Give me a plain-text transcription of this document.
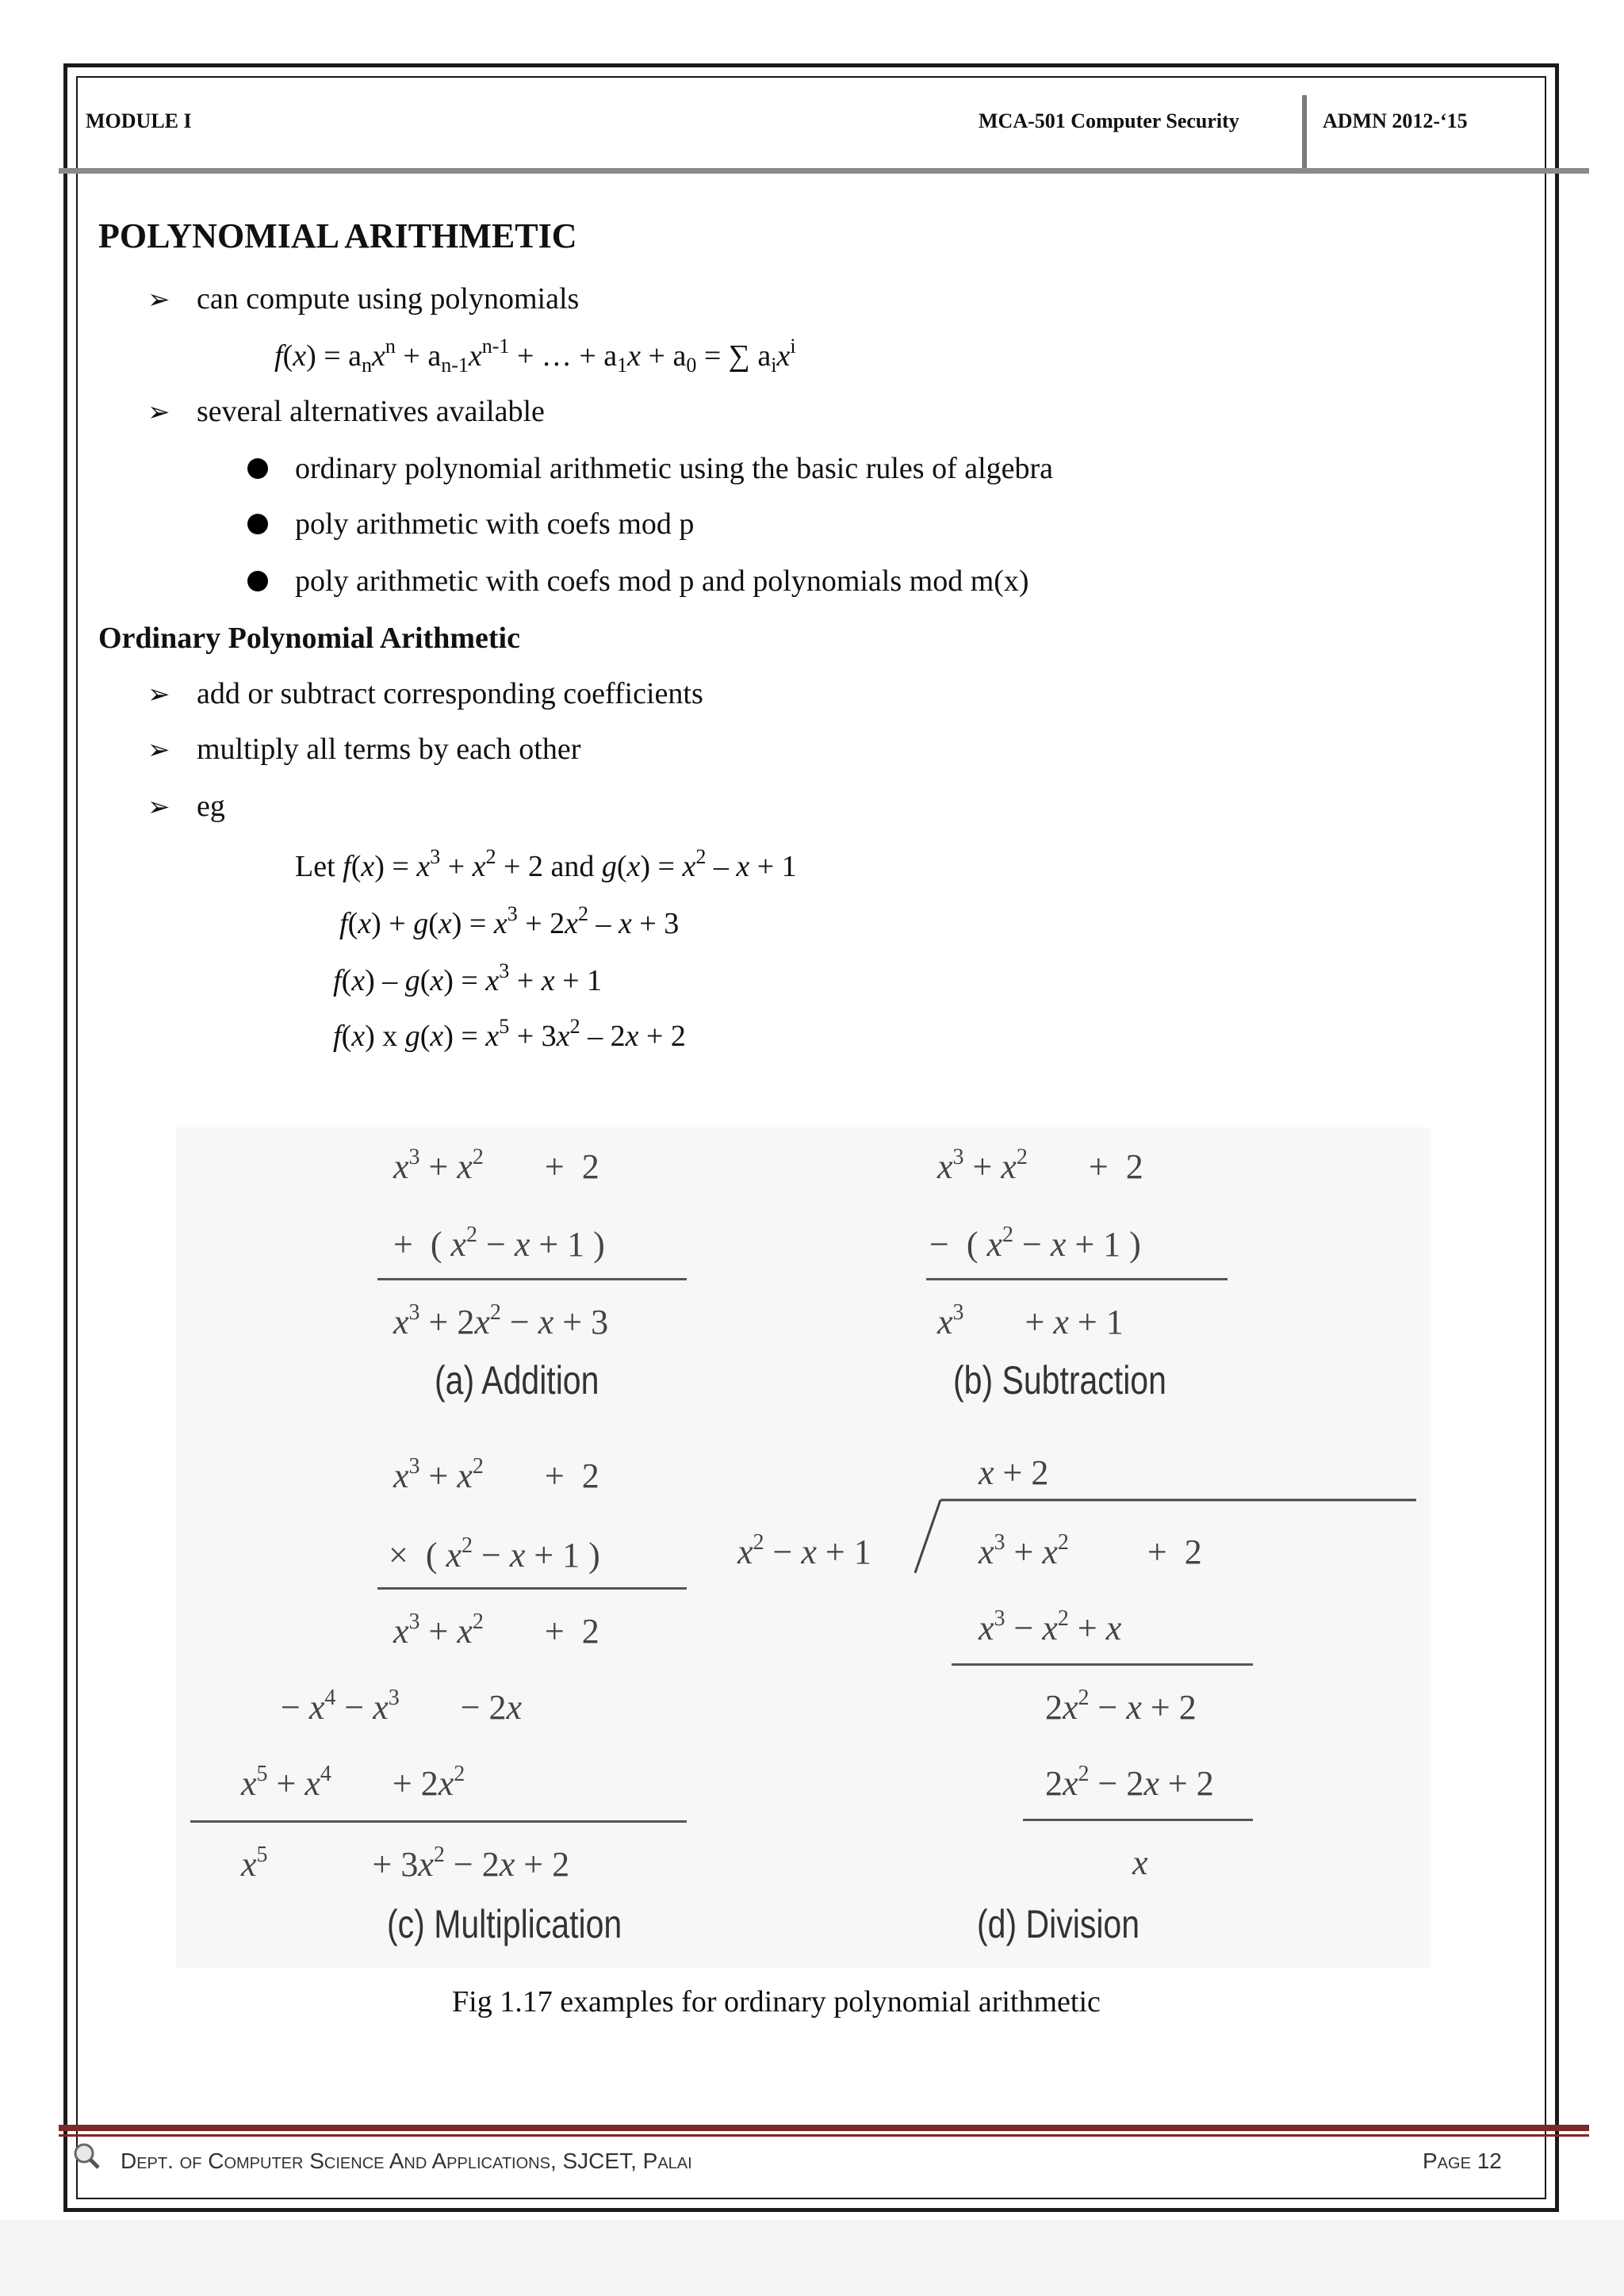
MODULE I	MCA-501 Computer Security	ADMN 2012-‘15
POLYNOMIAL ARITHMETIC
➢ can compute using polynomials
$f(x) = a_nx^n + a_{n-1}x^{n-1}$ + … + $a_1x + a_0$ = ∑ $a_ix^i$
➢ several alternatives available
ordinary polynomial arithmetic using the basic rules of algebra
poly arithmetic with coefs mod p
poly arithmetic with coefs mod p and polynomials mod m(x)
Ordinary Polynomial Arithmetic
➢ add or subtract corresponding coefficients
➢ multiply all terms by each other
➢ eg
Let $f(x) = x^3 + x^2 + 2$ and $g(x) = x^2 - x + 1$
$f(x) + g(x) = x^3 + 2x^2 - x + 3$
$f(x) - g(x) = x^3 + x + 1$
f(x) x $g(x) = x^5 + 3x^2 - 2x + 2$
$x^3 + x^2$       +  2
+  ( $x^2 - x + 1$ )
$x^3 + 2x^2 - x + 3$
(a) Addition
$x^3 + x^2$       +  2
−  ( $x^2 - x + 1$ )
$x^3$       + x + 1
(b) Subtraction
$x^3 + x^2$       +  2
×  ( $x^2 - x + 1$ )
$x^3 + x^2$       +  2
− $x^4 - x^3$       − 2x
$x^5 + x^4$       + $2x^2$
$x^5$            + $3x^2 - 2x + 2$
(c) Multiplication
x + 2
$x^2 - x + 1$	$x^3 + x^2$         +  2
$x^3 - x^2 + x$
$2x^2 - x + 2$
$2x^2 - 2x + 2$
x
(d) Division
Fig 1.17 examples for ordinary polynomial arithmetic
Dept. of Computer Science And Applications, SJCET, Palai	Page 12
